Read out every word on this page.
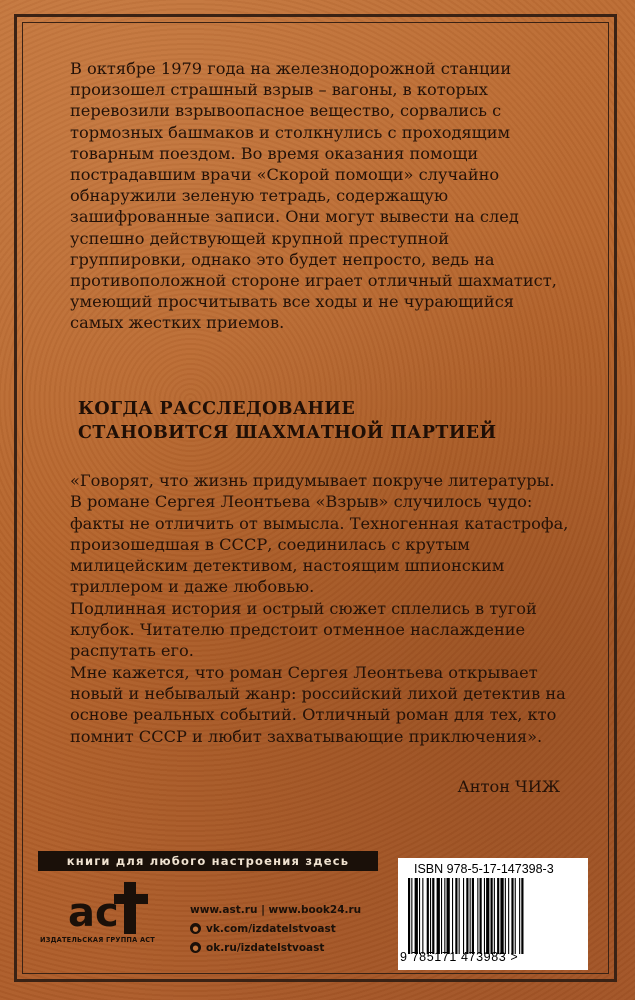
В октябре 1979 года на железнодорожной станции произошел страшный взрыв – вагоны, в которых перевозили взрывоопасное вещество, сорвались с тормозных башмаков и столкнулись с проходящим товарным поездом. Во время оказания помощи пострадавшим врачи «Скорой помощи» случайно обнаружили зеленую тетрадь, содержащую зашифрованные записи. Они могут вывести на след успешно действующей крупной преступной группировки, однако это будет непросто, ведь на противоположной стороне играет отличный шахматист, умеющий просчитывать все ходы и не чурающийся самых жестких приемов.

КОГДА РАССЛЕДОВАНИЕ
СТАНОВИТСЯ ШАХМАТНОЙ ПАРТИЕЙ

«Говорят, что жизнь придумывает покруче литературы. В романе Сергея Леонтьева «Взрыв» случилось чудо: факты не отличить от вымысла. Техногенная катастрофа, произошедшая в СССР, соединилась с крутым милицейским детективом, настоящим шпионским триллером и даже любовью.

Подлинная история и острый сюжет сплелись в тугой клубок. Читателю предстоит отменное наслаждение распутать его.

Мне кажется, что роман Сергея Леонтьева открывает новый и небывалый жанр: российский лихой детектив на основе реальных событий. Отличный роман для тех, кто помнит СССР и любит захватывающие приключения».

Антон ЧИЖ
книги для любого настроения здесь
ac
ИЗДАТЕЛЬСКАЯ ГРУППА АСТ
www.ast.ru | www.book24.ru
● vk.com/izdatelstvoast
● ok.ru/izdatelstvoast
ISBN 978-5-17-147398-3
9 785171 473983 >
